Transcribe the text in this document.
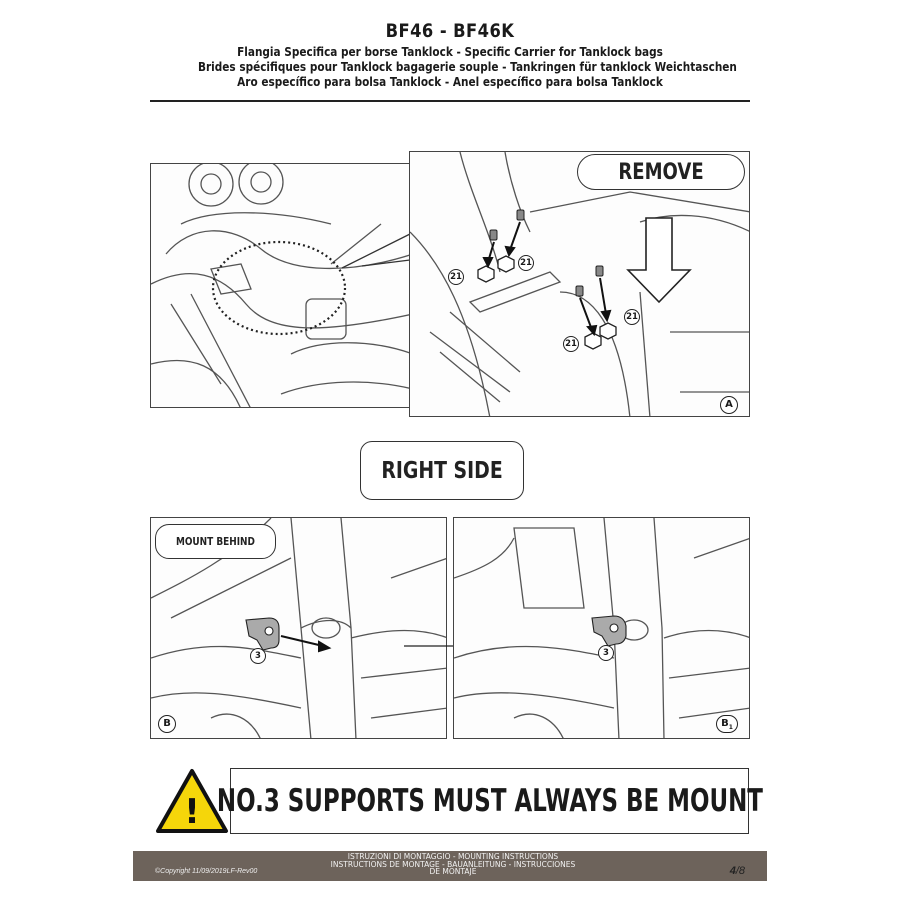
BF46 - BF46K
Flangia Specifica per borse Tanklock - Specific Carrier for Tanklock bags
Brides spécifiques pour Tanklock bagagerie souple - Tankringen für tanklock Weichtaschen
Aro específico para bolsa Tanklock - Anel específico para bolsa Tanklock
21
21
21
21
A
REMOVE
RIGHT SIDE
3
B
MOUNT BEHIND
3
$B_1$
! NO.3 SUPPORTS MUST ALWAYS BE MOUNT
©Copyright 11/09/2019LF-Rev00
ISTRUZIONI DI MONTAGGIO - MOUNTING INSTRUCTIONS
INSTRUCTIONS DE MONTAGE - BAUANLEITUNG - INSTRUCCIONES
DE MONTAJE	4/8
